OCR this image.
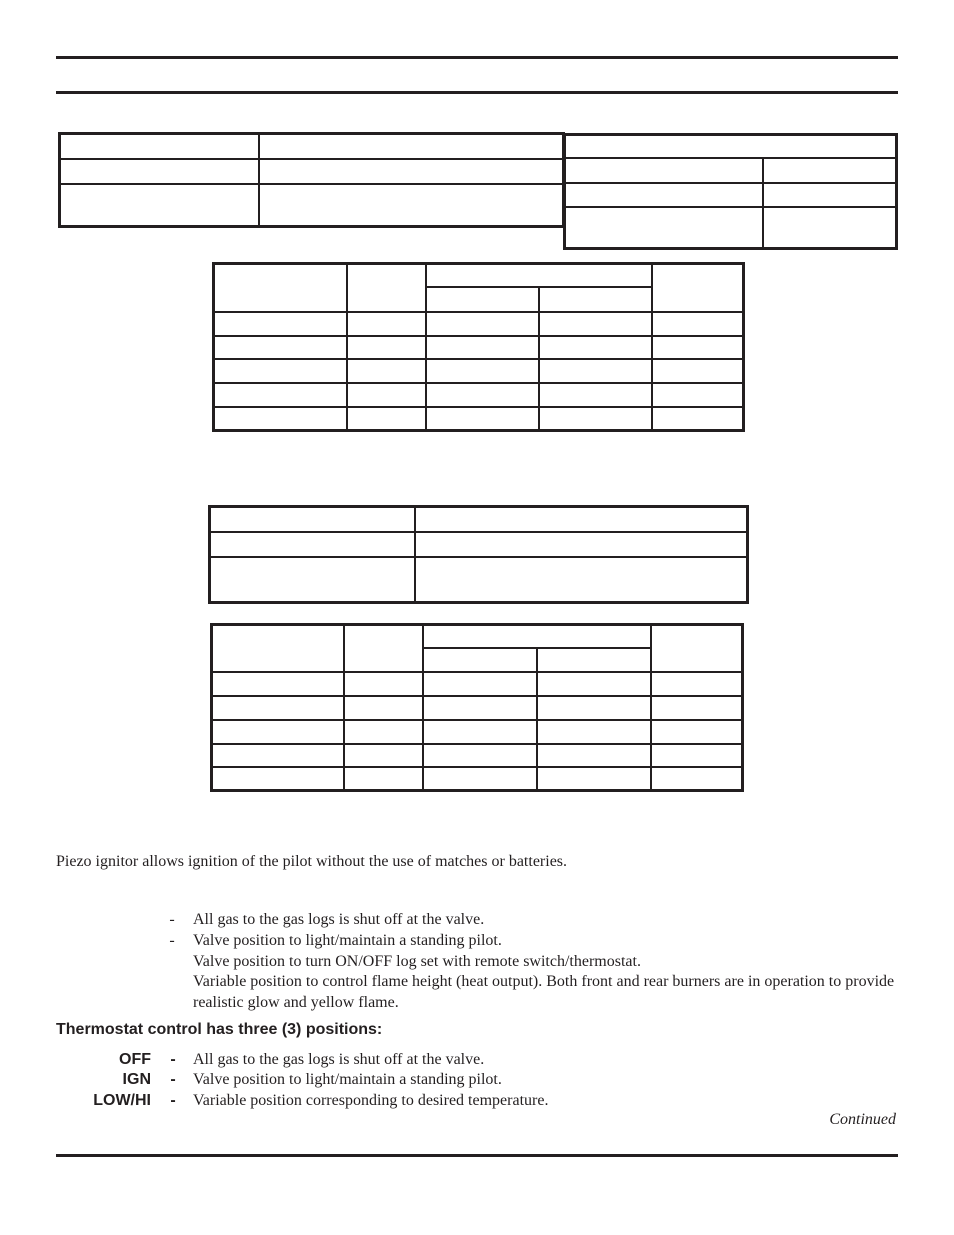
Piezo ignitor allows ignition of the pilot without the use of matches or batteries.
- All gas to the gas logs is shut off at the valve.
- Valve position to light/maintain a standing pilot.
Valve position to turn ON/OFF log set with remote switch/thermostat.
Variable position to control flame height (heat output). Both front and rear burners are in operation to provide realistic glow and yellow flame.
Thermostat control has three (3) positions:
OFF - All gas to the gas logs is shut off at the valve.
IGN - Valve position to light/maintain a standing pilot.
LOW/HI - Variable position corresponding to desired temperature.
Continued
